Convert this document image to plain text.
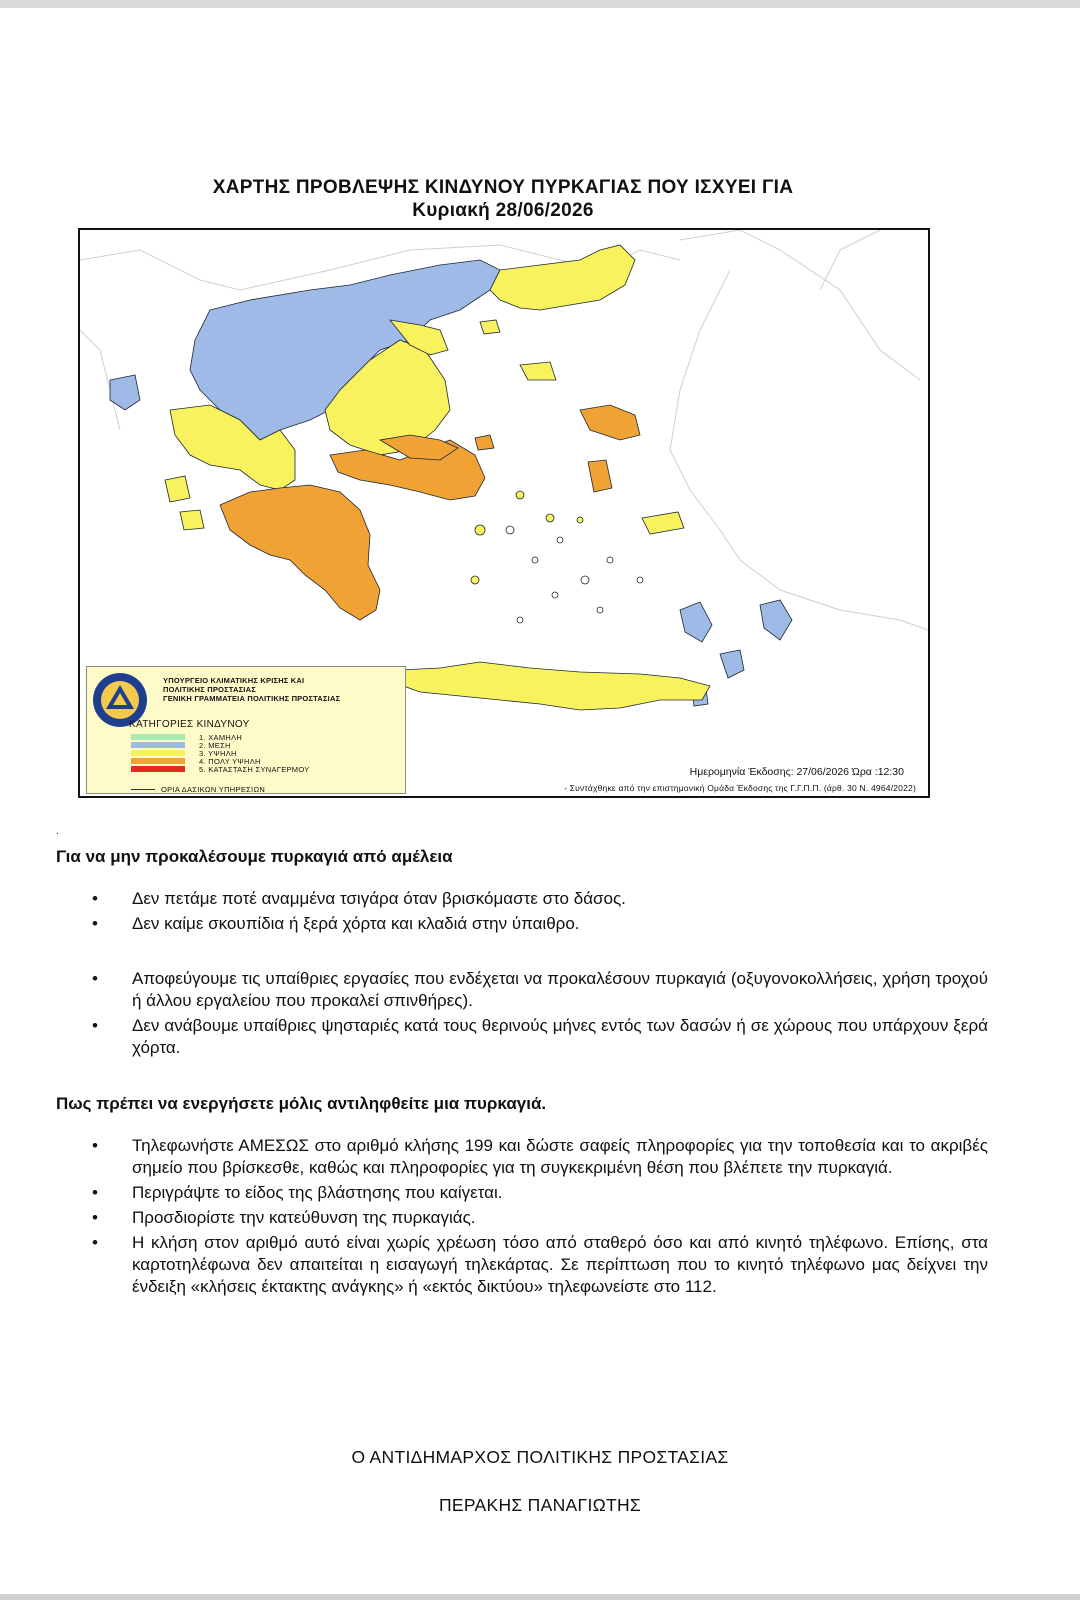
ΧΑΡΤΗΣ ΠΡΟΒΛΕΨΗΣ ΚΙΝΔΥΝΟΥ ΠΥΡΚΑΓΙΑΣ ΠΟΥ ΙΣΧΥΕΙ ΓΙΑ
Κυριακή 28/06/2026
ΥΠΟΥΡΓΕΙΟ ΚΛΙΜΑΤΙΚΗΣ ΚΡΙΣΗΣ ΚΑΙ
ΠΟΛΙΤΙΚΗΣ ΠΡΟΣΤΑΣΙΑΣ
ΓΕΝΙΚΗ ΓΡΑΜΜΑΤΕΙΑ ΠΟΛΙΤΙΚΗΣ ΠΡΟΣΤΑΣΙΑΣ
ΚΑΤΗΓΟΡΙΕΣ ΚΙΝΔΥΝΟΥ
1. ΧΑΜΗΛΗ
2. ΜΕΣΗ
3. ΥΨΗΛΗ
4. ΠΟΛΥ ΥΨΗΛΗ
5. ΚΑΤΑΣΤΑΣΗ ΣΥΝΑΓΕΡΜΟΥ
ΟΡΙΑ ΔΑΣΙΚΩΝ ΥΠΗΡΕΣΙΩΝ
Ημερομηνία Έκδοσης: 27/06/2026 Ώρα :12:30
- Συντάχθηκε από την επιστημονική Ομάδα Έκδοσης της Γ.Γ.Π.Π. (άρθ. 30 Ν. 4964/2022)
.
Για να μην προκαλέσουμε πυρκαγιά από αμέλεια
• Δεν πετάμε ποτέ αναμμένα τσιγάρα όταν βρισκόμαστε στο δάσος.
• Δεν καίμε σκουπίδια ή ξερά χόρτα και κλαδιά στην ύπαιθρο.
• Αποφεύγουμε τις υπαίθριες εργασίες που ενδέχεται να προκαλέσουν πυρκαγιά (οξυγονοκολλήσεις, χρήση τροχού ή άλλου εργαλείου που προκαλεί σπινθήρες).
• Δεν ανάβουμε υπαίθριες ψησταριές κατά τους θερινούς μήνες εντός των δασών ή σε χώρους που υπάρχουν ξερά χόρτα.
Πως πρέπει να ενεργήσετε μόλις αντιληφθείτε μια πυρκαγιά.
• Τηλεφωνήστε ΑΜΕΣΩΣ στο αριθμό κλήσης 199 και δώστε σαφείς πληροφορίες για την τοποθεσία και το ακριβές σημείο που βρίσκεσθε, καθώς και πληροφορίες για τη συγκεκριμένη θέση που βλέπετε την πυρκαγιά.
• Περιγράψτε το είδος της βλάστησης που καίγεται.
• Προσδιορίστε την κατεύθυνση της πυρκαγιάς.
• Η κλήση στον αριθμό αυτό είναι χωρίς χρέωση τόσο από σταθερό όσο και από κινητό τηλέφωνο. Επίσης, στα καρτοτηλέφωνα δεν απαιτείται η εισαγωγή τηλεκάρτας. Σε περίπτωση που το κινητό τηλέφωνο μας δείχνει την ένδειξη «κλήσεις έκτακτης ανάγκης» ή «εκτός δικτύου» τηλεφωνείστε στο 112.
Ο ΑΝΤΙΔΗΜΑΡΧΟΣ ΠΟΛΙΤΙΚΗΣ ΠΡΟΣΤΑΣΙΑΣ
ΠΕΡΑΚΗΣ ΠΑΝΑΓΙΩΤΗΣ
